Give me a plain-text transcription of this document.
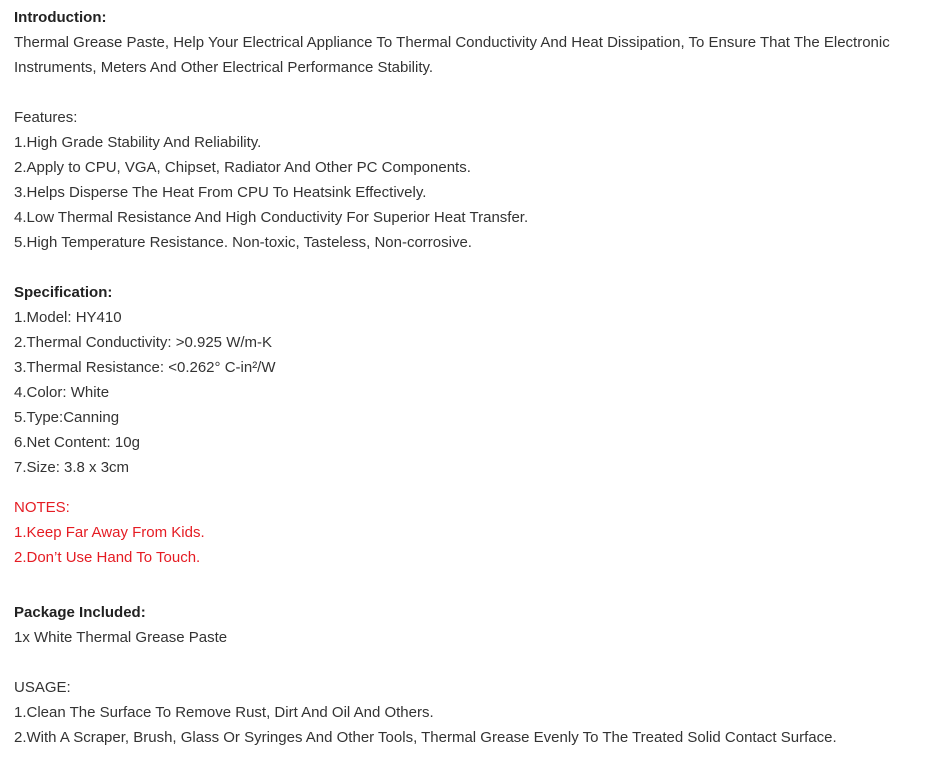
Introduction:
Thermal Grease Paste, Help Your Electrical Appliance To Thermal Conductivity And Heat Dissipation, To Ensure That The Electronic Instruments, Meters And Other Electrical Performance Stability.
Features:
1.High Grade Stability And Reliability.
2.Apply to CPU, VGA, Chipset, Radiator And Other PC Components.
3.Helps Disperse The Heat From CPU To Heatsink Effectively.
4.Low Thermal Resistance And High Conductivity For Superior Heat Transfer.
5.High Temperature Resistance. Non-toxic, Tasteless, Non-corrosive.
Specification:
1.Model: HY410
2.Thermal Conductivity: >0.925 W/m-K
3.Thermal Resistance: <0.262° C-in²/W
4.Color: White
5.Type:Canning
6.Net Content: 10g
7.Size: 3.8 x 3cm
NOTES:
1.Keep Far Away From Kids.
2.Don’t Use Hand To Touch.
Package Included:
1x White Thermal Grease Paste
USAGE:
1.Clean The Surface To Remove Rust, Dirt And Oil And Others.
2.With A Scraper, Brush, Glass Or Syringes And Other Tools, Thermal Grease Evenly To The Treated Solid Contact Surface.
